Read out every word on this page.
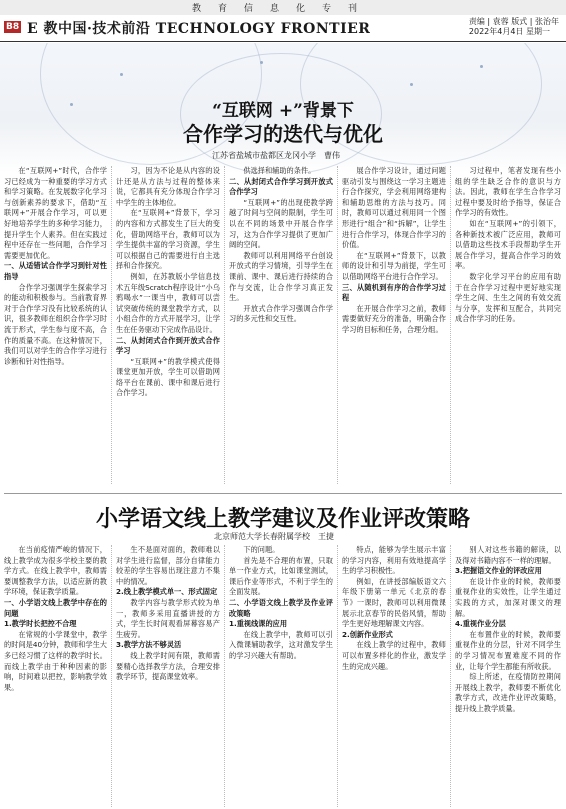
教育信息化专刊
B8 E 教中国·技术前沿 TECHNOLOGY FRONTIER	责编 | 袁蓉 版式 | 张治年
2022年4月4日 星期一
“互联网 +”背景下
合作学习的迭代与优化
江苏省盐城市盐都区龙冈小学　曹伟

在“互联网+”时代，合作学习已经成为一种重要的学习方式和学习策略。在发展数字化学习与创新素养的要求下，借助“互联网+”开展合作学习，可以更好地培养学生的多种学习能力，提升学生个人素养。但在实践过程中还存在一些问题，合作学习需要更加优化。

一、从适错试合作学习到针对性指导

合作学习强调学生探索学习的能动和积极参与。当前教育界对于合作学习没有比较系统的认识，很多教师在组织合作学习时流于形式，学生参与度不高，合作的质量不高。在这种情况下，我们可以对学生的合作学习进行诊断和针对性指导。

习，因为不论是从内容的设计还是从方法与过程的整体来说，它都具有充分体现合作学习中学生的主体地位。

在“互联网+”背景下，学习的内容和方式都发生了巨大的变化，借助网络平台，教师可以为学生提供丰富的学习资源，学生可以根据自己的需要进行自主选择和合作探究。

例如，在苏教版小学信息技术五年级Scratch程序设计“小乌鸦喝水”一课当中，教师可以尝试突破传统的课堂教学方式，以小组合作的方式开展学习，让学生在任务驱动下完成作品设计。

二、从封闭式合作到开放式合作学习

“互联网+”的教学模式使得课堂更加开放，学生可以借助网络平台在课前、课中和课后进行合作学习。

供选择和辅助的条件。

二、从封闭式合作学习到开放式合作学习

“互联网+”的出现使教学跨越了时间与空间的限制，学生可以在不同的场景中开展合作学习，这为合作学习提供了更加广阔的空间。

教师可以利用网络平台创设开放式的学习情境，引导学生在课前、课中、课后进行持续的合作与交流，让合作学习真正发生。

开放式合作学习强调合作学习的多元性和交互性。

展合作学习设计，通过问题驱动引发与围绕这一学习主题进行合作探究，学会利用网络建构和辅助思维的方法与技巧。同时，教师可以通过利用同一个图形进行“组合”和“拆解”，让学生进行合作学习，体现合作学习的价值。

在“互联网+”背景下，以教师的设计和引导为前提，学生可以借助网络平台进行合作学习。

三、从随机到有序的合作学习过程

在开展合作学习之前，教师需要做好充分的准备，明确合作学习的目标和任务，合理分组。

习过程中，笔者发现有些小组的学生缺乏合作的意识与方法。因此，教师在学生合作学习过程中要及时给予指导，保证合作学习的有效性。

如在“互联网+”的引领下，各种新技术被广泛应用，教师可以借助这些技术手段帮助学生开展合作学习，提高合作学习的效率。

数字化学习平台的应用有助于在合作学习过程中更好地实现学生之间、生生之间的有效交流与分享，发挥和互配合，共同完成合作学习的任务。

小学语文线上教学建议及作业评改策略
北京师范大学长春附属学校　王捷

在当前疫情严峻的情况下，线上教学成为很多学校主要的教学方式。在线上教学中，教师需要调整教学方法，以适应新的教学环境，保证教学质量。

一、小学语文线上教学中存在的问题
1.教学时长把控不合理

在常规的小学课堂中，教学的时间是40分钟，教师和学生大多已经习惯了这样的教学时长。而线上教学由于种种因素的影响，时间难以把控，影响教学效果。

生不是面对面的，教师难以对学生进行监督，部分自律能力较差的学生容易出现注意力不集中的情况。

2.线上教学模式单一、形式固定

教学内容与教学形式较为单一，教师多采用直播讲授的方式，学生长时间观看屏幕容易产生疲劳。

3.教学方法不够灵活

线上教学时间有限，教师需要精心选择教学方法，合理安排教学环节，提高课堂效率。

下的问题。

首先是不合理的布置，只取单一作业方式，比如课堂测试，课后作业等形式，不利于学生的全面发展。

二、小学语文线上教学及作业评改策略
1.重视线课的应用

在线上教学中，教师可以引入微课辅助教学，这对激发学生的学习兴趣大有帮助。

特点，能够为学生展示丰富的学习内容，利用有效地提高学生的学习积极性。

例如，在讲授部编版语文六年级下册第一单元《北京的春节》一课时，教师可以利用微课展示北京春节的民俗风情，帮助学生更好地理解课文内容。

2.创新作业形式

在线上教学的过程中，教师可以布置多样化的作业，激发学生的完成兴趣。

别人对这些书籍的解读，以及得对书籍内容不一样的理解。

3.把握语文作业的评改应用

在设计作业的时候，教师要重视作业的实效性，让学生通过实践的方式，加深对课文的理解。

4.重视作业分层

在布置作业的时候，教师要重视作业的分层，针对不同学生的学习情况布置难度不同的作业，让每个学生都能有所收获。

综上所述，在疫情防控期间开展线上教学，教师要不断优化教学方式，改进作业评改策略，提升线上教学质量。
